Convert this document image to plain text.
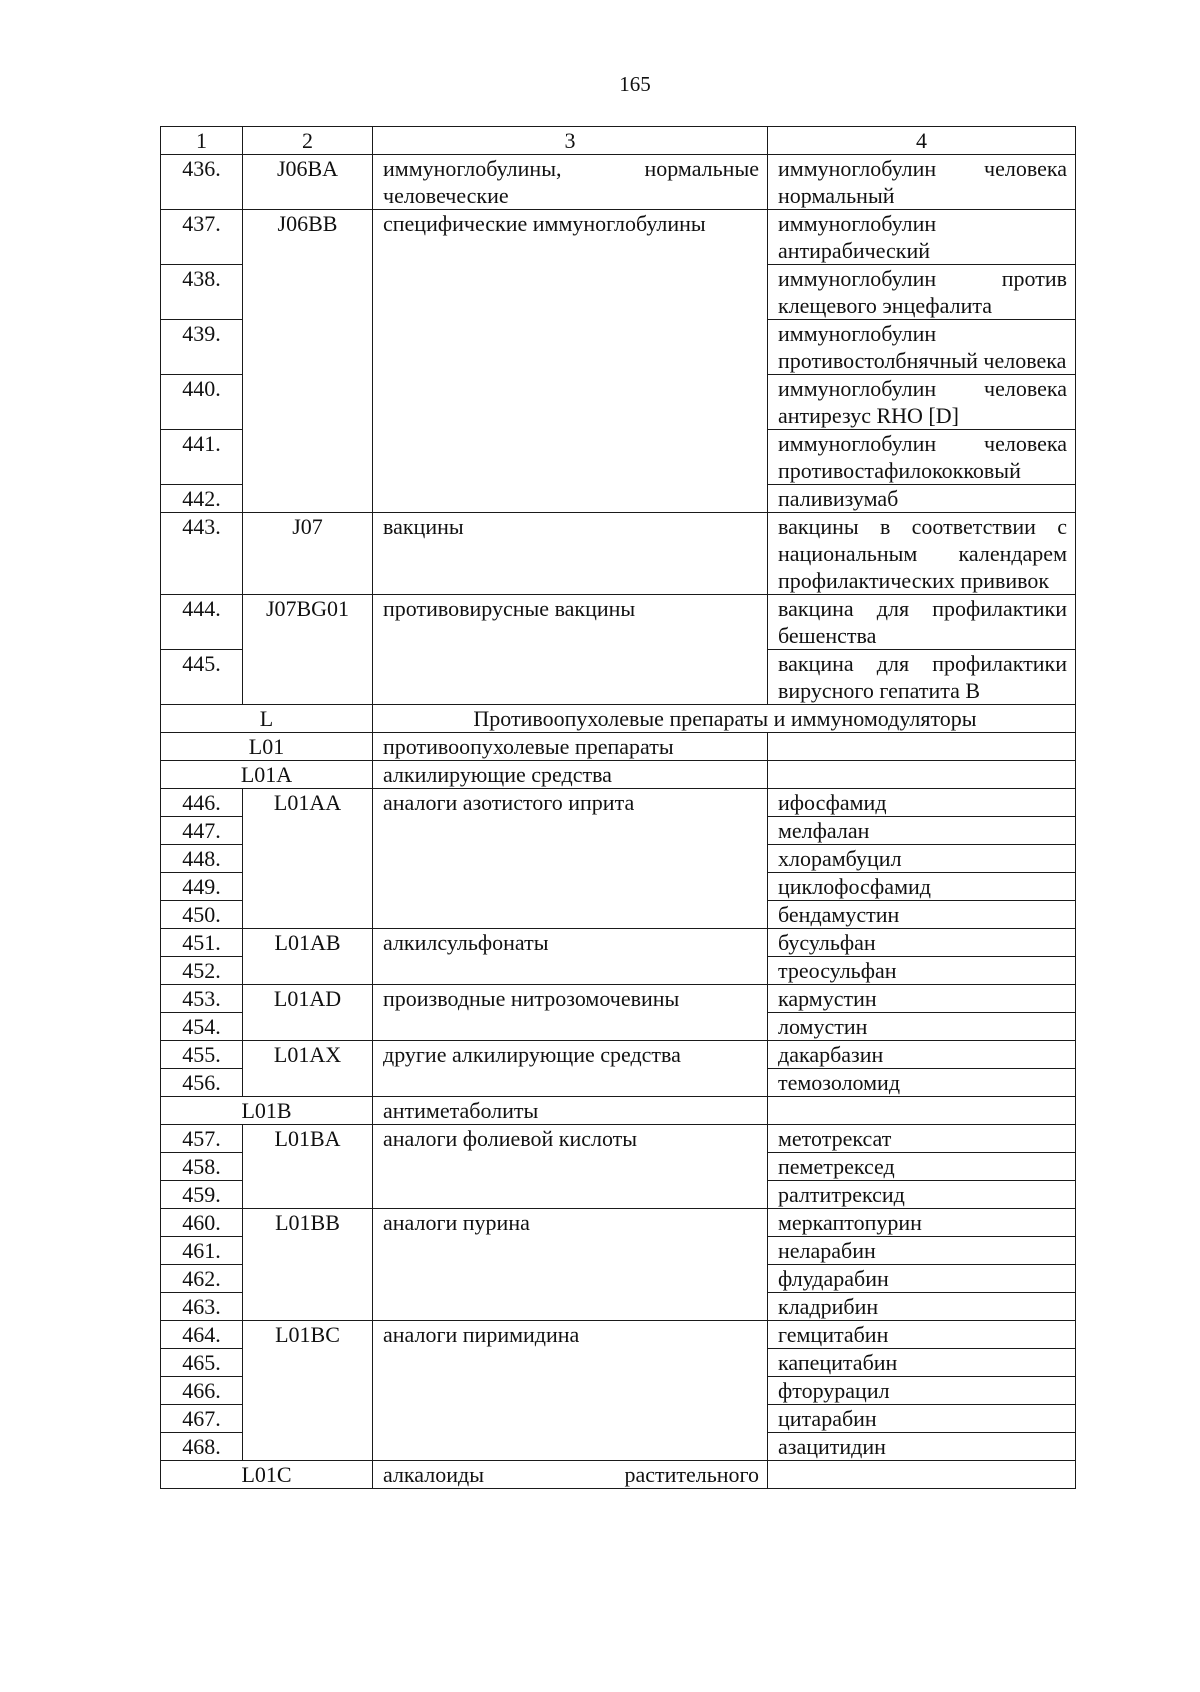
165
1	2	3	4
436.	J06BA	иммуноглобулины, нормальные человеческие	иммуноглобулин человека нормальный
437.	J06BB	специфические иммуноглобулины	иммуноглобулин антирабический
438.			иммуноглобулин против клещевого энцефалита
439.			иммуноглобулин противостолбнячный человека
440.			иммуноглобулин человека антирезус RHO [D]
441.			иммуноглобулин человека противостафилококковый
442.			паливизумаб
443.	J07	вакцины	вакцины в соответствии с национальным календарем профилактических прививок
444.	J07BG01	противовирусные вакцины	вакцина для профилактики бешенства
445.			вакцина для профилактики вирусного гепатита В
L		Противоопухолевые препараты и иммуномодуляторы	
L01		противоопухолевые препараты	
L01A		алкилирующие средства	
446.	L01AA	аналоги азотистого иприта	ифосфамид
447.			мелфалан
448.			хлорамбуцил
449.			циклофосфамид
450.			бендамустин
451.	L01AB	алкилсульфонаты	бусульфан
452.			треосульфан
453.	L01AD	производные нитрозомочевины	кармустин
454.			ломустин
455.	L01AX	другие алкилирующие средства	дакарбазин
456.			темозоломид
L01B		антиметаболиты	
457.	L01BA	аналоги фолиевой кислоты	метотрексат
458.			пеметрексед
459.			ралтитрексид
460.	L01BB	аналоги пурина	меркаптопурин
461.			неларабин
462.			флударабин
463.			кладрибин
464.	L01BC	аналоги пиримидина	гемцитабин
465.			капецитабин
466.			фторурацил
467.			цитарабин
468.			азацитидин
L01C		алкалоиды растительного	
